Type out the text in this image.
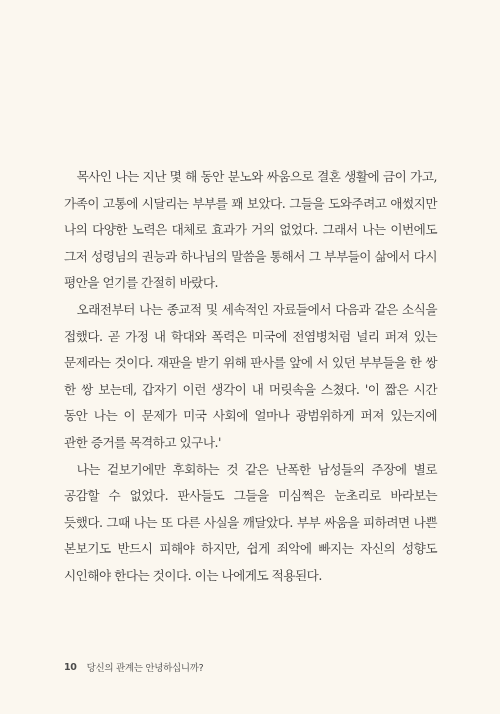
목사인 나는 지난 몇 해 동안 분노와 싸움으로 결혼 생활에 금이 가고, 가족이 고통에 시달리는 부부를 꽤 보았다. 그들을 도와주려고 애썼지만 나의 다양한 노력은 대체로 효과가 거의 없었다. 그래서 나는 이번에도 그저 성령님의 권능과 하나님의 말씀을 통해서 그 부부들이 삶에서 다시 평안을 얻기를 간절히 바랐다.

오래전부터 나는 종교적 및 세속적인 자료들에서 다음과 같은 소식을 접했다. 곧 가정 내 학대와 폭력은 미국에 전염병처럼 널리 퍼져 있는 문제라는 것이다. 재판을 받기 위해 판사를 앞에 서 있던 부부들을 한 쌍 한 쌍 보는데, 갑자기 이런 생각이 내 머릿속을 스쳤다. '이 짧은 시간 동안 나는 이 문제가 미국 사회에 얼마나 광범위하게 퍼져 있는지에 관한 증거를 목격하고 있구나.'

나는 겉보기에만 후회하는 것 같은 난폭한 남성들의 주장에 별로 공감할 수 없었다. 판사들도 그들을 미심쩍은 눈초리로 바라보는 듯했다. 그때 나는 또 다른 사실을 깨달았다. 부부 싸움을 피하려면 나쁜 본보기도 반드시 피해야 하지만, 쉽게 죄악에 빠지는 자신의 성향도 시인해야 한다는 것이다. 이는 나에게도 적용된다.

10 당신의 관계는 안녕하십니까?
